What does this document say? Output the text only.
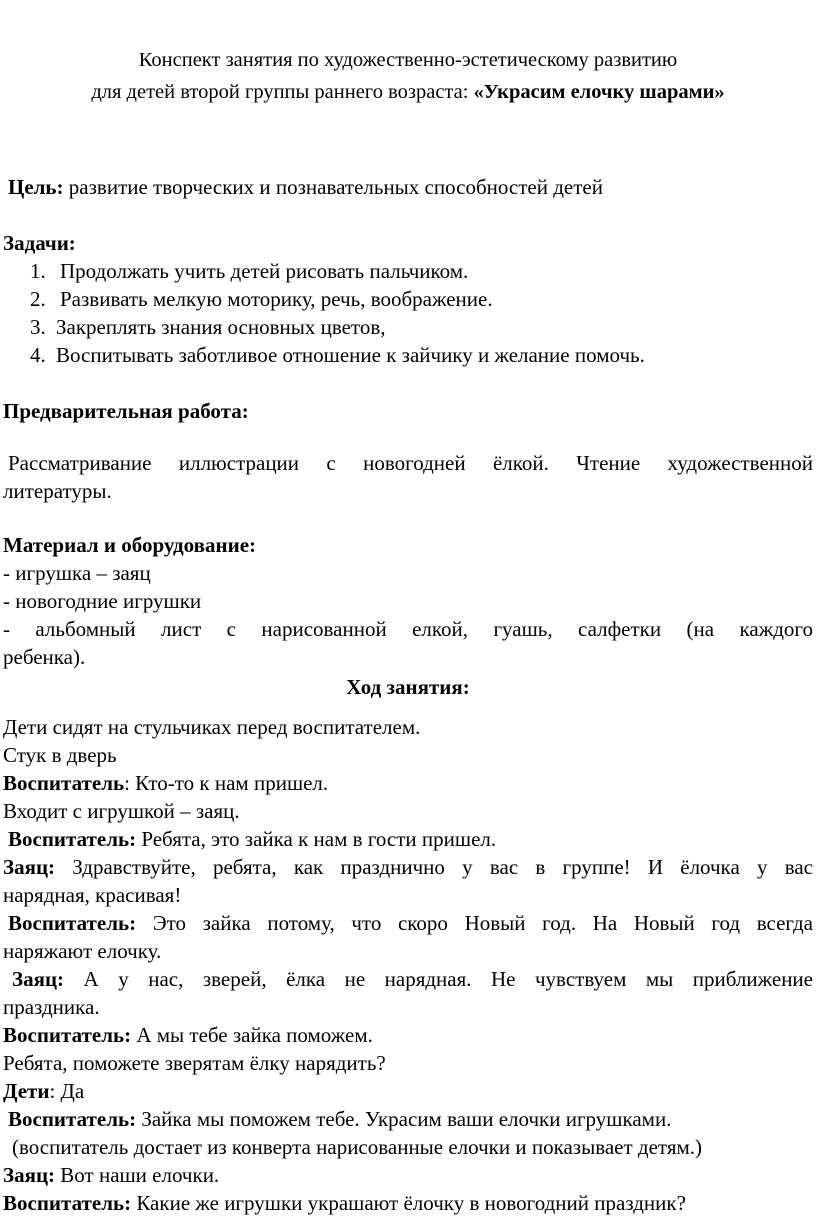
Конспект занятия по художественно-эстетическому развитию
для детей второй группы раннего возраста: «Украсим елочку шарами»
Цель: развитие творческих и познавательных способностей детей
Задачи:
1. Продолжать учить детей рисовать пальчиком.
2. Развивать мелкую моторику, речь, воображение.
3. Закреплять знания основных цветов,
4. Воспитывать заботливое отношение к зайчику и желание помочь.
Предварительная работа:
Рассматривание иллюстрации с новогодней ёлкой. Чтение художественной
литературы.
Материал и оборудование:
- игрушка – заяц
- новогодние игрушки
- альбомный лист с нарисованной елкой, гуашь, салфетки (на каждого
ребенка).
Ход занятия:
Дети сидят на стульчиках перед воспитателем.
Стук в дверь
Воспитатель: Кто-то к нам пришел.
Входит с игрушкой – заяц.
Воспитатель: Ребята, это зайка к нам в гости пришел.
Заяц: Здравствуйте, ребята, как празднично у вас в группе! И ёлочка у вас
нарядная, красивая!
Воспитатель: Это зайка потому, что скоро Новый год. На Новый год всегда
наряжают елочку.
Заяц: А у нас, зверей, ёлка не нарядная. Не чувствуем мы приближение
праздника.
Воспитатель: А мы тебе зайка поможем.
Ребята, поможете зверятам ёлку нарядить?
Дети: Да
Воспитатель: Зайка мы поможем тебе. Украсим ваши елочки игрушками.
(воспитатель достает из конверта нарисованные елочки и показывает детям.)
Заяц: Вот наши елочки.
Воспитатель: Какие же игрушки украшают ёлочку в новогодний праздник?
